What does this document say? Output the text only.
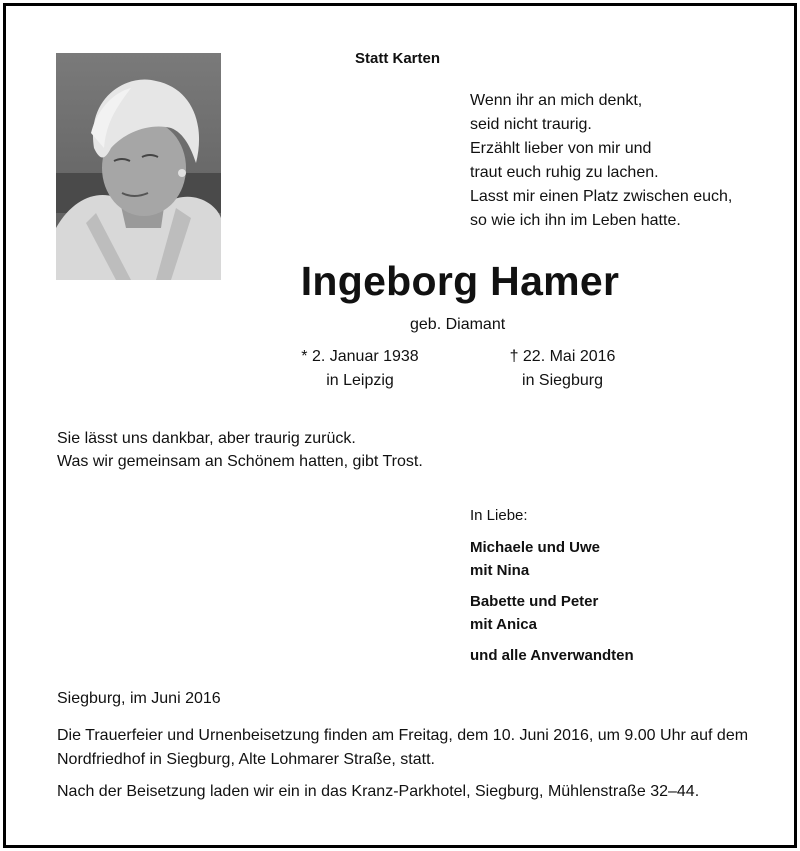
Statt Karten
Wenn ihr an mich denkt,
seid nicht traurig.
Erzählt lieber von mir und
traut euch ruhig zu lachen.
Lasst mir einen Platz zwischen euch,
so wie ich ihn im Leben hatte.
Ingeborg Hamer
geb. Diamant
* 2. Januar 1938
in Leipzig
† 22. Mai 2016
in Siegburg
Sie lässt uns dankbar, aber traurig zurück.
Was wir gemeinsam an Schönem hatten, gibt Trost.
In Liebe:
Michaele und Uwe
mit Nina
Babette und Peter
mit Anica
und alle Anverwandten
Siegburg, im Juni 2016
Die Trauerfeier und Urnenbeisetzung finden am Freitag, dem 10. Juni 2016, um 9.00 Uhr auf dem Nordfriedhof in Siegburg, Alte Lohmarer Straße, statt.
Nach der Beisetzung laden wir ein in das Kranz-Parkhotel, Siegburg, Mühlenstraße 32–44.
